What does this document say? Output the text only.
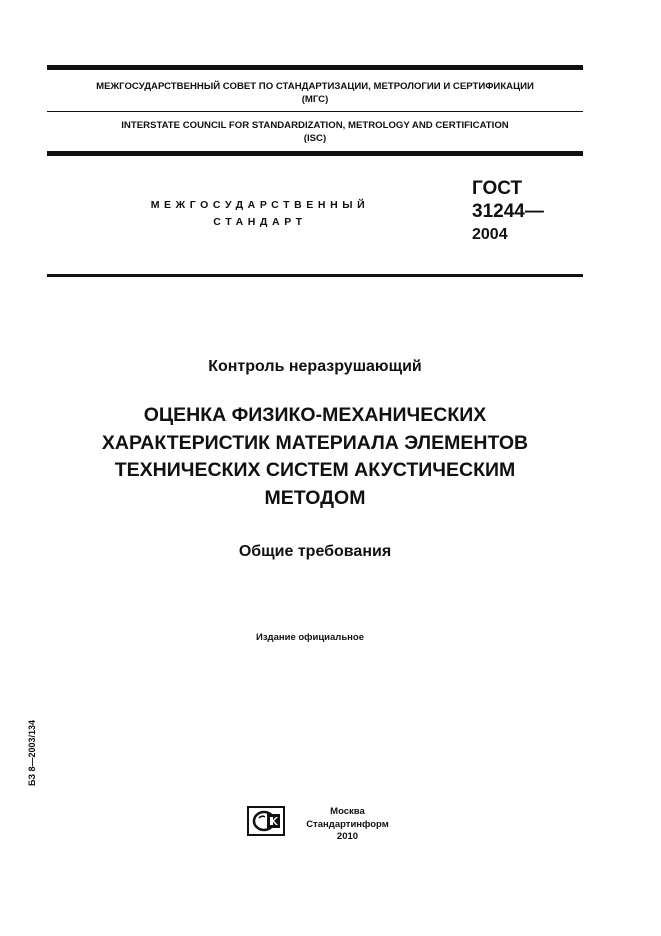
МЕЖГОСУДАРСТВЕННЫЙ СОВЕТ ПО СТАНДАРТИЗАЦИИ, МЕТРОЛОГИИ И СЕРТИФИКАЦИИ
(МГС)
INTERSTATE COUNCIL FOR STANDARDIZATION, METROLOGY AND CERTIFICATION
(ISC)
МЕЖГОСУДАРСТВЕННЫЙ
СТАНДАРТ
ГОСТ
31244—
2004
Контроль неразрушающий
ОЦЕНКА ФИЗИКО-МЕХАНИЧЕСКИХ
ХАРАКТЕРИСТИК МАТЕРИАЛА ЭЛЕМЕНТОВ
ТЕХНИЧЕСКИХ СИСТЕМ АКУСТИЧЕСКИМ
МЕТОДОМ
Общие требования
Издание официальное
БЗ 8—2003/134
Москва
Стандартинформ
2010
